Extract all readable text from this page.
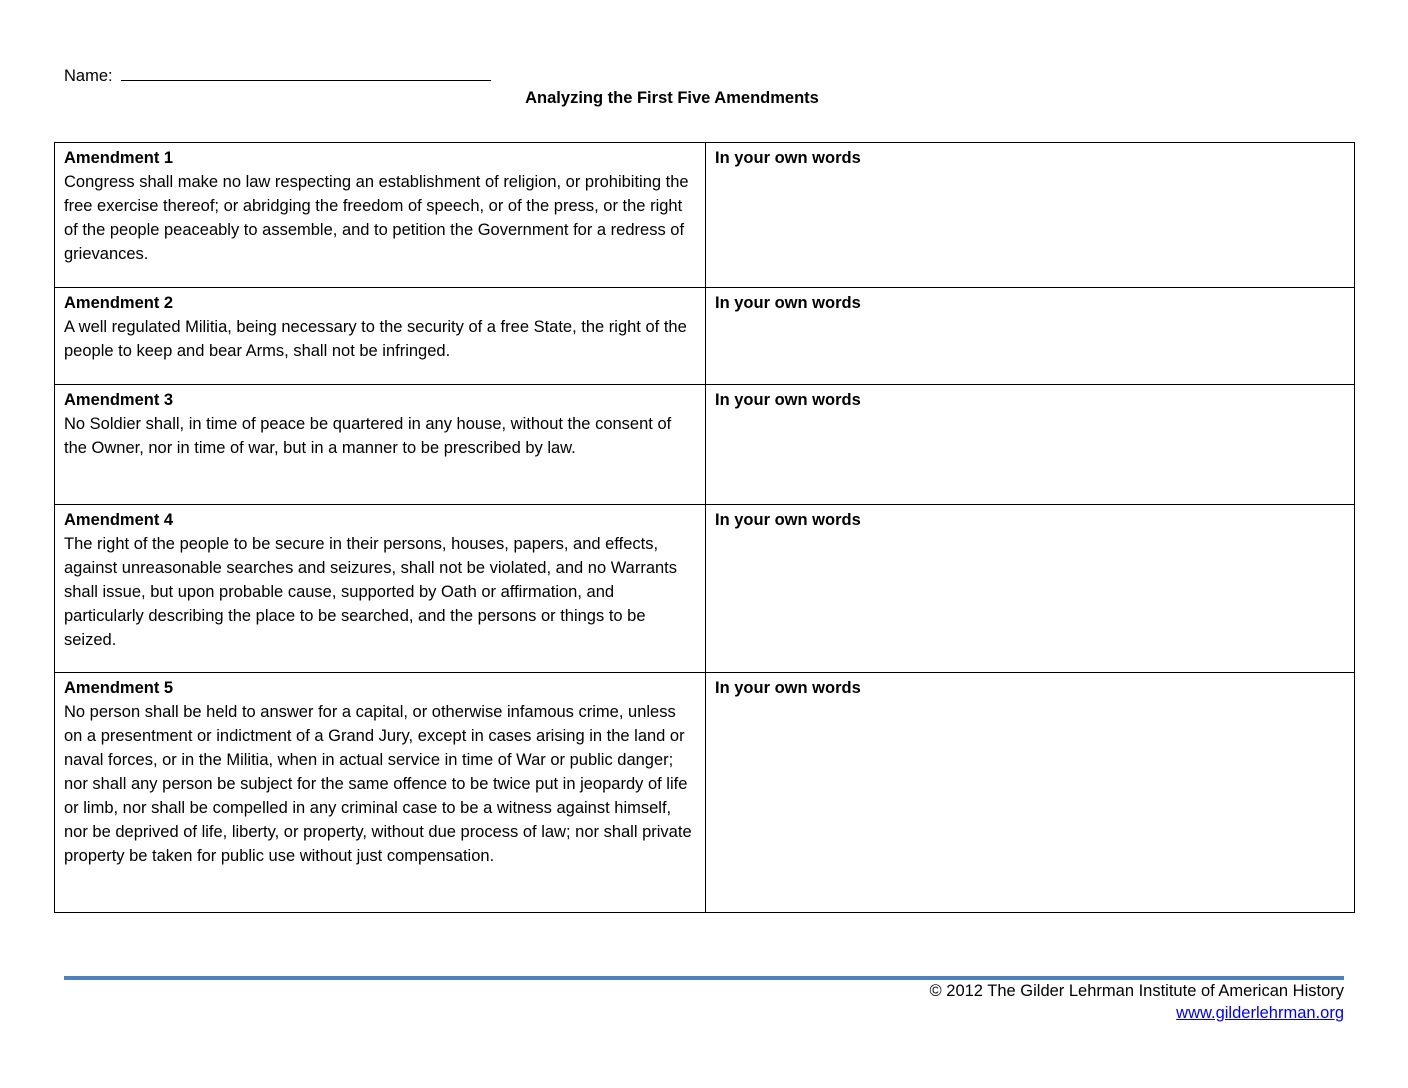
Name:
Analyzing the First Five Amendments
Amendment 1
Congress shall make no law respecting an establishment of religion, or prohibiting the free exercise thereof; or abridging the freedom of speech, or of the press, or the right of the people peaceably to assemble, and to petition the Government for a redress of grievances.	In your own words

Amendment 2
A well regulated Militia, being necessary to the security of a free State, the right of the people to keep and bear Arms, shall not be infringed.	In your own words

Amendment 3
No Soldier shall, in time of peace be quartered in any house, without the consent of the Owner, nor in time of war, but in a manner to be prescribed by law.	In your own words

Amendment 4
The right of the people to be secure in their persons, houses, papers, and effects, against unreasonable searches and seizures, shall not be violated, and no Warrants shall issue, but upon probable cause, supported by Oath or affirmation, and particularly describing the place to be searched, and the persons or things to be seized.	In your own words

Amendment 5
No person shall be held to answer for a capital, or otherwise infamous crime, unless on a presentment or indictment of a Grand Jury, except in cases arising in the land or naval forces, or in the Militia, when in actual service in time of War or public danger; nor shall any person be subject for the same offence to be twice put in jeopardy of life or limb, nor shall be compelled in any criminal case to be a witness against himself, nor be deprived of life, liberty, or property, without due process of law; nor shall private property be taken for public use without just compensation.	In your own words
© 2012 The Gilder Lehrman Institute of American History
www.gilderlehrman.org
